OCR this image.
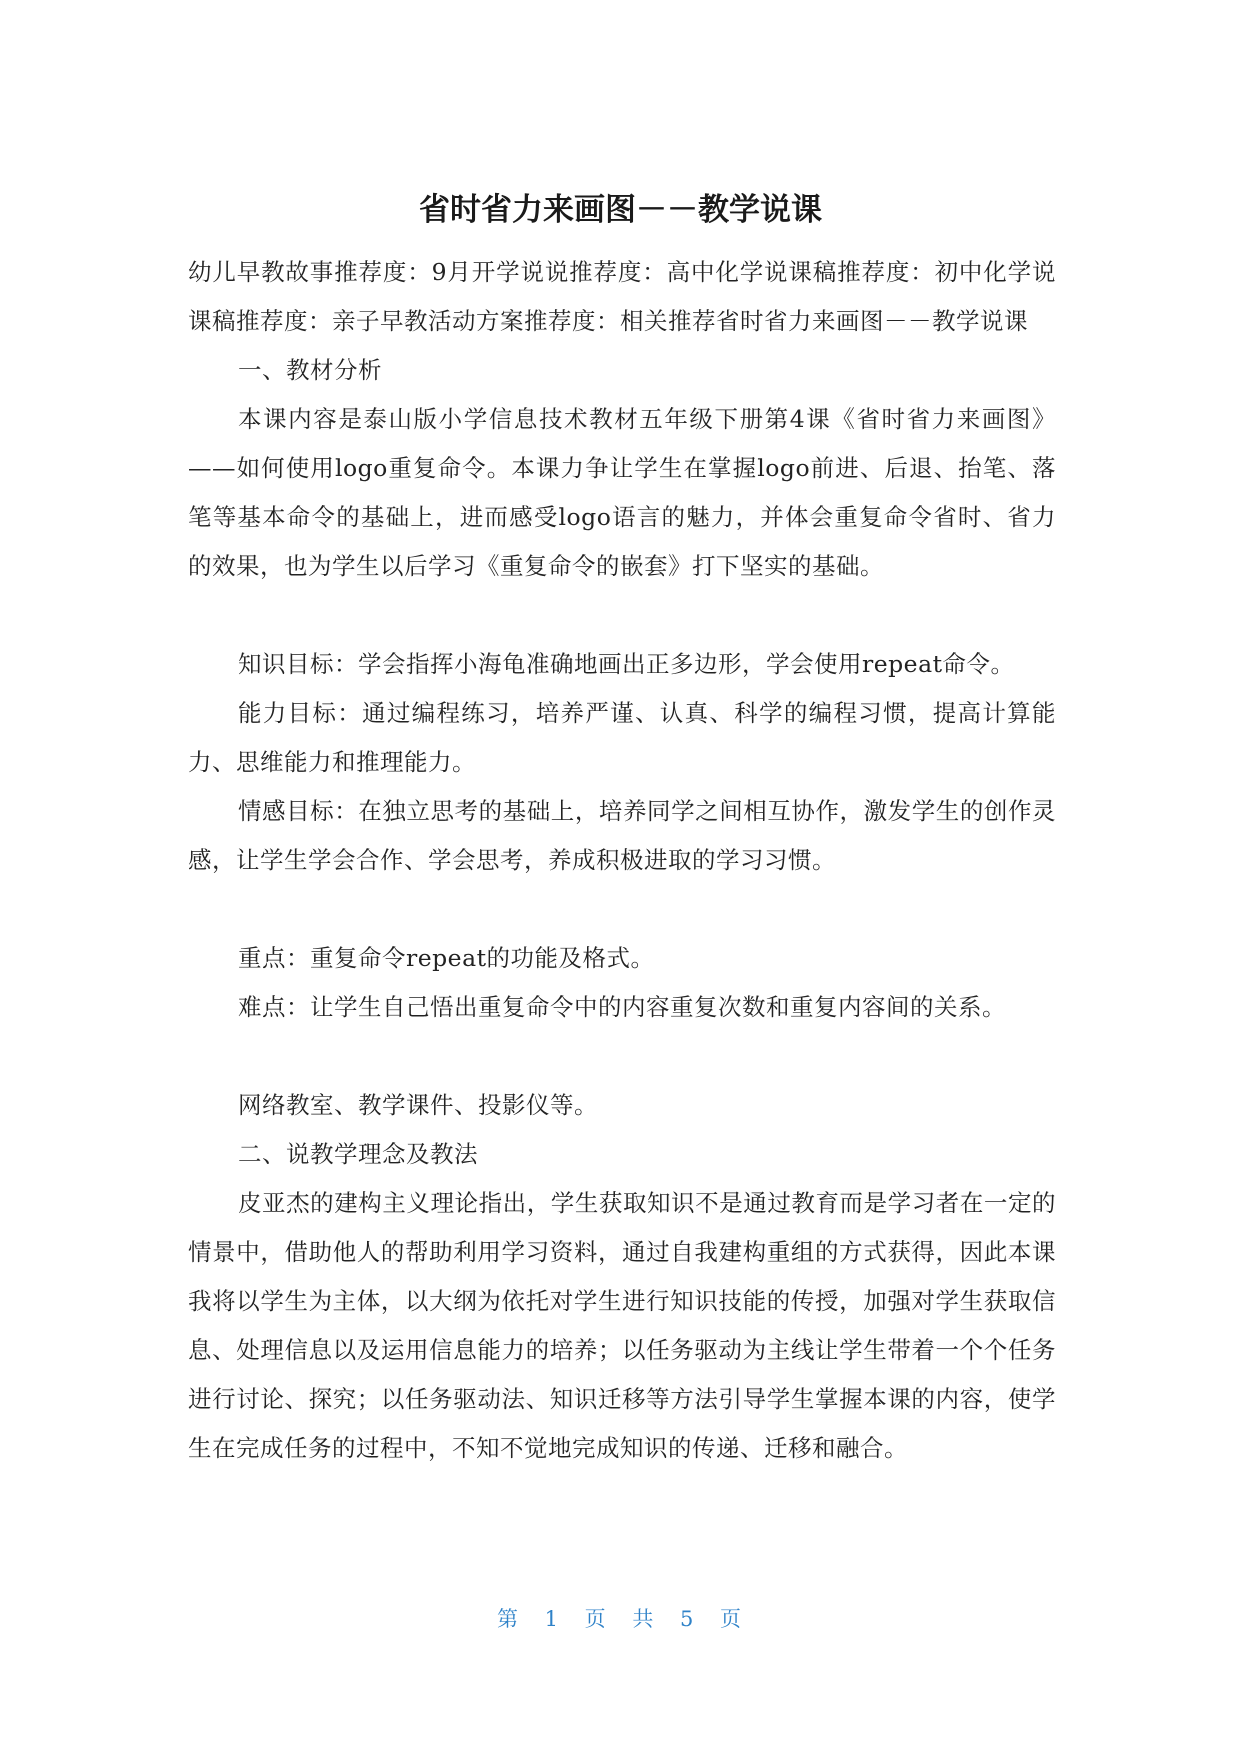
省时省力来画图－－教学说课

幼儿早教故事推荐度：9月开学说说推荐度：高中化学说课稿推荐度：初中化学说课稿推荐度：亲子早教活动方案推荐度：相关推荐省时省力来画图－－教学说课

一、教材分析

本课内容是泰山版小学信息技术教材五年级下册第4课《省时省力来画图》——如何使用logo重复命令。本课力争让学生在掌握logo前进、后退、抬笔、落笔等基本命令的基础上，进而感受logo语言的魅力，并体会重复命令省时、省力的效果，也为学生以后学习《重复命令的嵌套》打下坚实的基础。

知识目标：学会指挥小海龟准确地画出正多边形，学会使用repeat命令。

能力目标：通过编程练习，培养严谨、认真、科学的编程习惯，提高计算能力、思维能力和推理能力。

情感目标：在独立思考的基础上，培养同学之间相互协作，激发学生的创作灵感，让学生学会合作、学会思考，养成积极进取的学习习惯。

重点：重复命令repeat的功能及格式。

难点：让学生自己悟出重复命令中的内容重复次数和重复内容间的关系。

网络教室、教学课件、投影仪等。

二、说教学理念及教法

皮亚杰的建构主义理论指出，学生获取知识不是通过教育而是学习者在一定的情景中，借助他人的帮助利用学习资料，通过自我建构重组的方式获得，因此本课我将以学生为主体，以大纲为依托对学生进行知识技能的传授，加强对学生获取信息、处理信息以及运用信息能力的培养；以任务驱动为主线让学生带着一个个任务进行讨论、探究；以任务驱动法、知识迁移等方法引导学生掌握本课的内容，使学生在完成任务的过程中，不知不觉地完成知识的传递、迁移和融合。

第 1 页 共 5 页
